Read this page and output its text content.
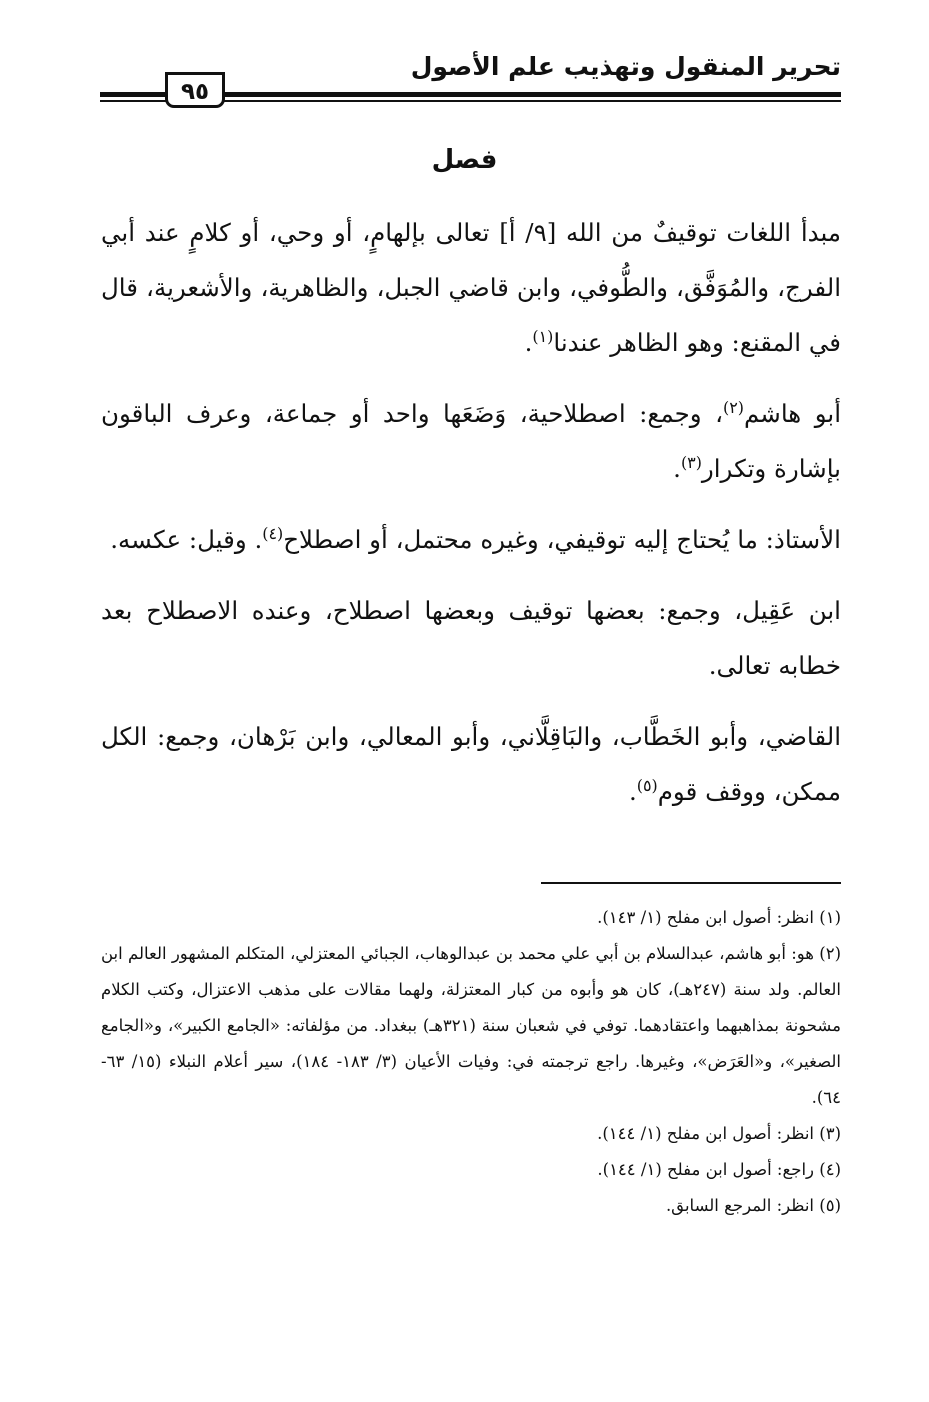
تحرير المنقول وتهذيب علم الأصول
٩٥
فصل

مبدأ اللغات توقيفٌ من الله [٩/ أ] تعالى بإلهامٍ، أو وحي، أو كلامٍ عند أبي الفرج، والمُوَفَّق، والطُّوفي، وابن قاضي الجبل، والظاهرية، والأشعرية، قال في المقنع: وهو الظاهر عندنا$^{(١)}$.

أبو هاشم$^{(٢)}$، وجمع: اصطلاحية، وَضَعَها واحد أو جماعة، وعرف الباقون بإشارة وتكرار$^{(٣)}$.

الأستاذ: ما يُحتاج إليه توقيفي، وغيره محتمل، أو اصطلاح$^{(٤)}$. وقيل: عكسه.

ابن عَقِيل، وجمع: بعضها توقيف وبعضها اصطلاح، وعنده الاصطلاح بعد خطابه تعالى.

القاضي، وأبو الخَطَّاب، والبَاقِلَّاني، وأبو المعالي، وابن بَرْهان، وجمع: الكل ممكن، ووقف قوم$^{(٥)}$.

(١) انظر: أصول ابن مفلح (١/ ١٤٣).

(٢) هو: أبو هاشم، عبدالسلام بن أبي علي محمد بن عبدالوهاب، الجبائي المعتزلي، المتكلم المشهور العالم ابن العالم. ولد سنة (٢٤٧هـ)، كان هو وأبوه من كبار المعتزلة، ولهما مقالات على مذهب الاعتزال، وكتب الكلام مشحونة بمذاهبهما واعتقادهما. توفي في شعبان سنة (٣٢١هـ) ببغداد. من مؤلفاته: «الجامع الكبير»، و«الجامع الصغير»، و«العَرَض»، وغيرها. راجع ترجمته في: وفيات الأعيان (٣/ ١٨٣- ١٨٤)، سير أعلام النبلاء (١٥/ ٦٣- ٦٤).

(٣) انظر: أصول ابن مفلح (١/ ١٤٤).

(٤) راجع: أصول ابن مفلح (١/ ١٤٤).

(٥) انظر: المرجع السابق.
